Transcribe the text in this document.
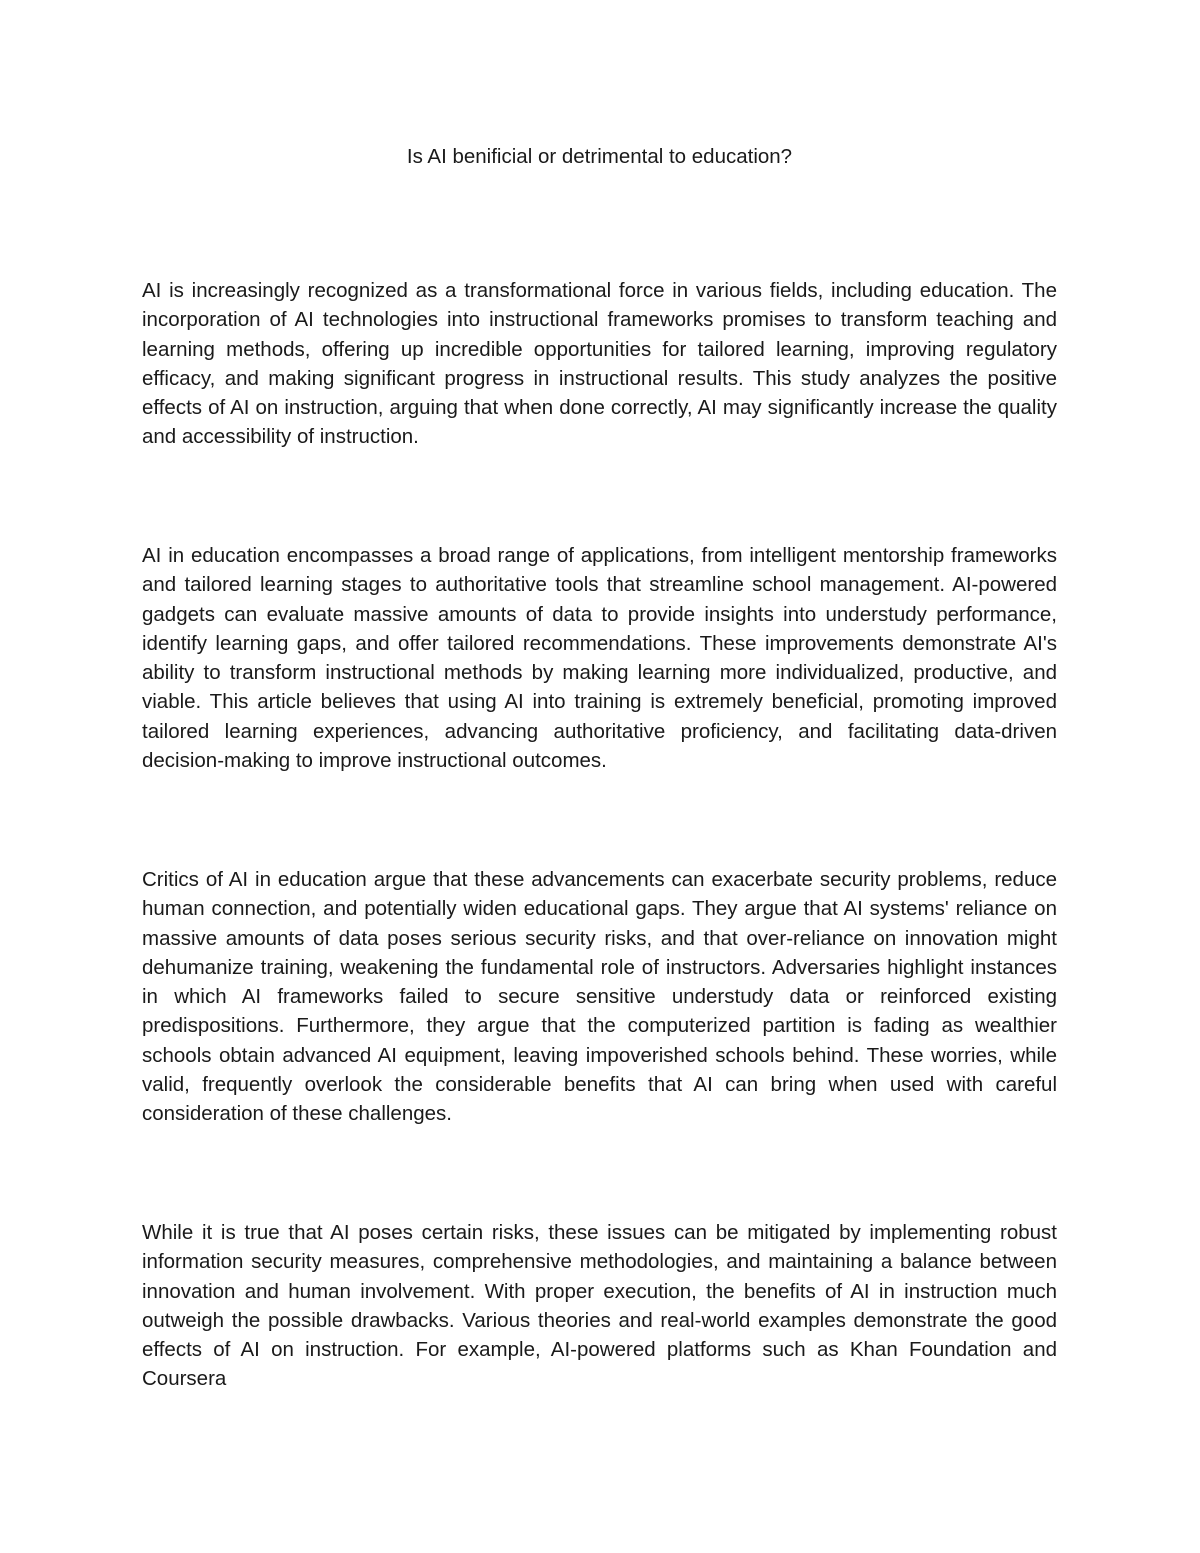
Is AI benificial or detrimental to education?

AI is increasingly recognized as a transformational force in various fields, including education. The incorporation of AI technologies into instructional frameworks promises to transform teaching and learning methods, offering up incredible opportunities for tailored learning, improving regulatory efficacy, and making significant progress in instructional results. This study analyzes the positive effects of AI on instruction, arguing that when done correctly, AI may significantly increase the quality and accessibility of instruction.

AI in education encompasses a broad range of applications, from intelligent mentorship frameworks and tailored learning stages to authoritative tools that streamline school management. AI-powered gadgets can evaluate massive amounts of data to provide insights into understudy performance, identify learning gaps, and offer tailored recommendations. These improvements demonstrate AI's ability to transform instructional methods by making learning more individualized, productive, and viable. This article believes that using AI into training is extremely beneficial, promoting improved tailored learning experiences, advancing authoritative proficiency, and facilitating data-driven decision-making to improve instructional outcomes.

Critics of AI in education argue that these advancements can exacerbate security problems, reduce human connection, and potentially widen educational gaps. They argue that AI systems' reliance on massive amounts of data poses serious security risks, and that over-reliance on innovation might dehumanize training, weakening the fundamental role of instructors. Adversaries highlight instances in which AI frameworks failed to secure sensitive understudy data or reinforced existing predispositions. Furthermore, they argue that the computerized partition is fading as wealthier schools obtain advanced AI equipment, leaving impoverished schools behind. These worries, while valid, frequently overlook the considerable benefits that AI can bring when used with careful consideration of these challenges.

While it is true that AI poses certain risks, these issues can be mitigated by implementing robust information security measures, comprehensive methodologies, and maintaining a balance between innovation and human involvement. With proper execution, the benefits of AI in instruction much outweigh the possible drawbacks. Various theories and real-world examples demonstrate the good effects of AI on instruction. For example, AI-powered platforms such as Khan Foundation and Coursera
